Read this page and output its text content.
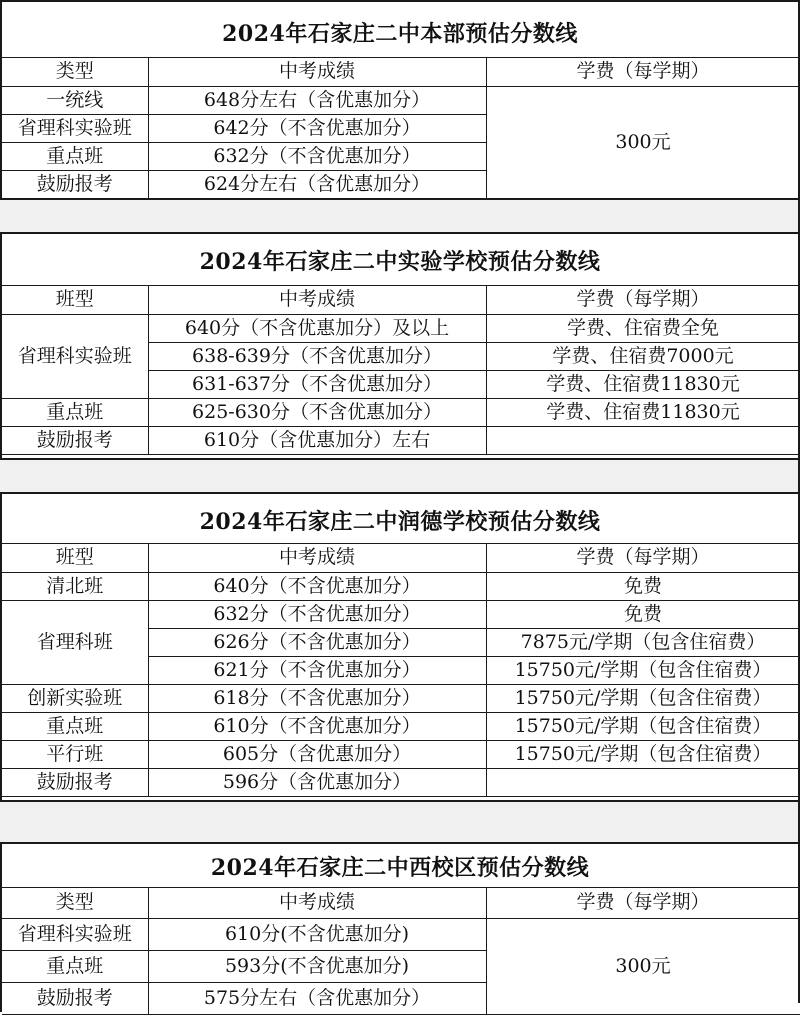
2024年石家庄二中本部预估分数线
类型	中考成绩	学费（每学期）
一统线	648分左右（含优惠加分）	300元
省理科实验班	642分（不含优惠加分）	
重点班	632分（不含优惠加分）	
鼓励报考	624分左右（含优惠加分）	
2024年石家庄二中实验学校预估分数线
班型	中考成绩	学费（每学期）
省理科实验班	640分（不含优惠加分）及以上	学费、住宿费全免
	638-639分（不含优惠加分）	学费、住宿费7000元
	631-637分（不含优惠加分）	学费、住宿费11830元
重点班	625-630分（不含优惠加分）	学费、住宿费11830元
鼓励报考	610分（含优惠加分）左右	
2024年石家庄二中润德学校预估分数线
班型	中考成绩	学费（每学期）
清北班	640分（不含优惠加分）	免费
省理科班	632分（不含优惠加分）	免费
	626分（不含优惠加分）	7875元/学期（包含住宿费）
	621分（不含优惠加分）	15750元/学期（包含住宿费）
创新实验班	618分（不含优惠加分）	15750元/学期（包含住宿费）
重点班	610分（不含优惠加分）	15750元/学期（包含住宿费）
平行班	605分（含优惠加分）	15750元/学期（包含住宿费）
鼓励报考	596分（含优惠加分）	
2024年石家庄二中西校区预估分数线
类型	中考成绩	学费（每学期）
省理科实验班	610分(不含优惠加分)	300元
重点班	593分(不含优惠加分)	
鼓励报考	575分左右（含优惠加分）	
